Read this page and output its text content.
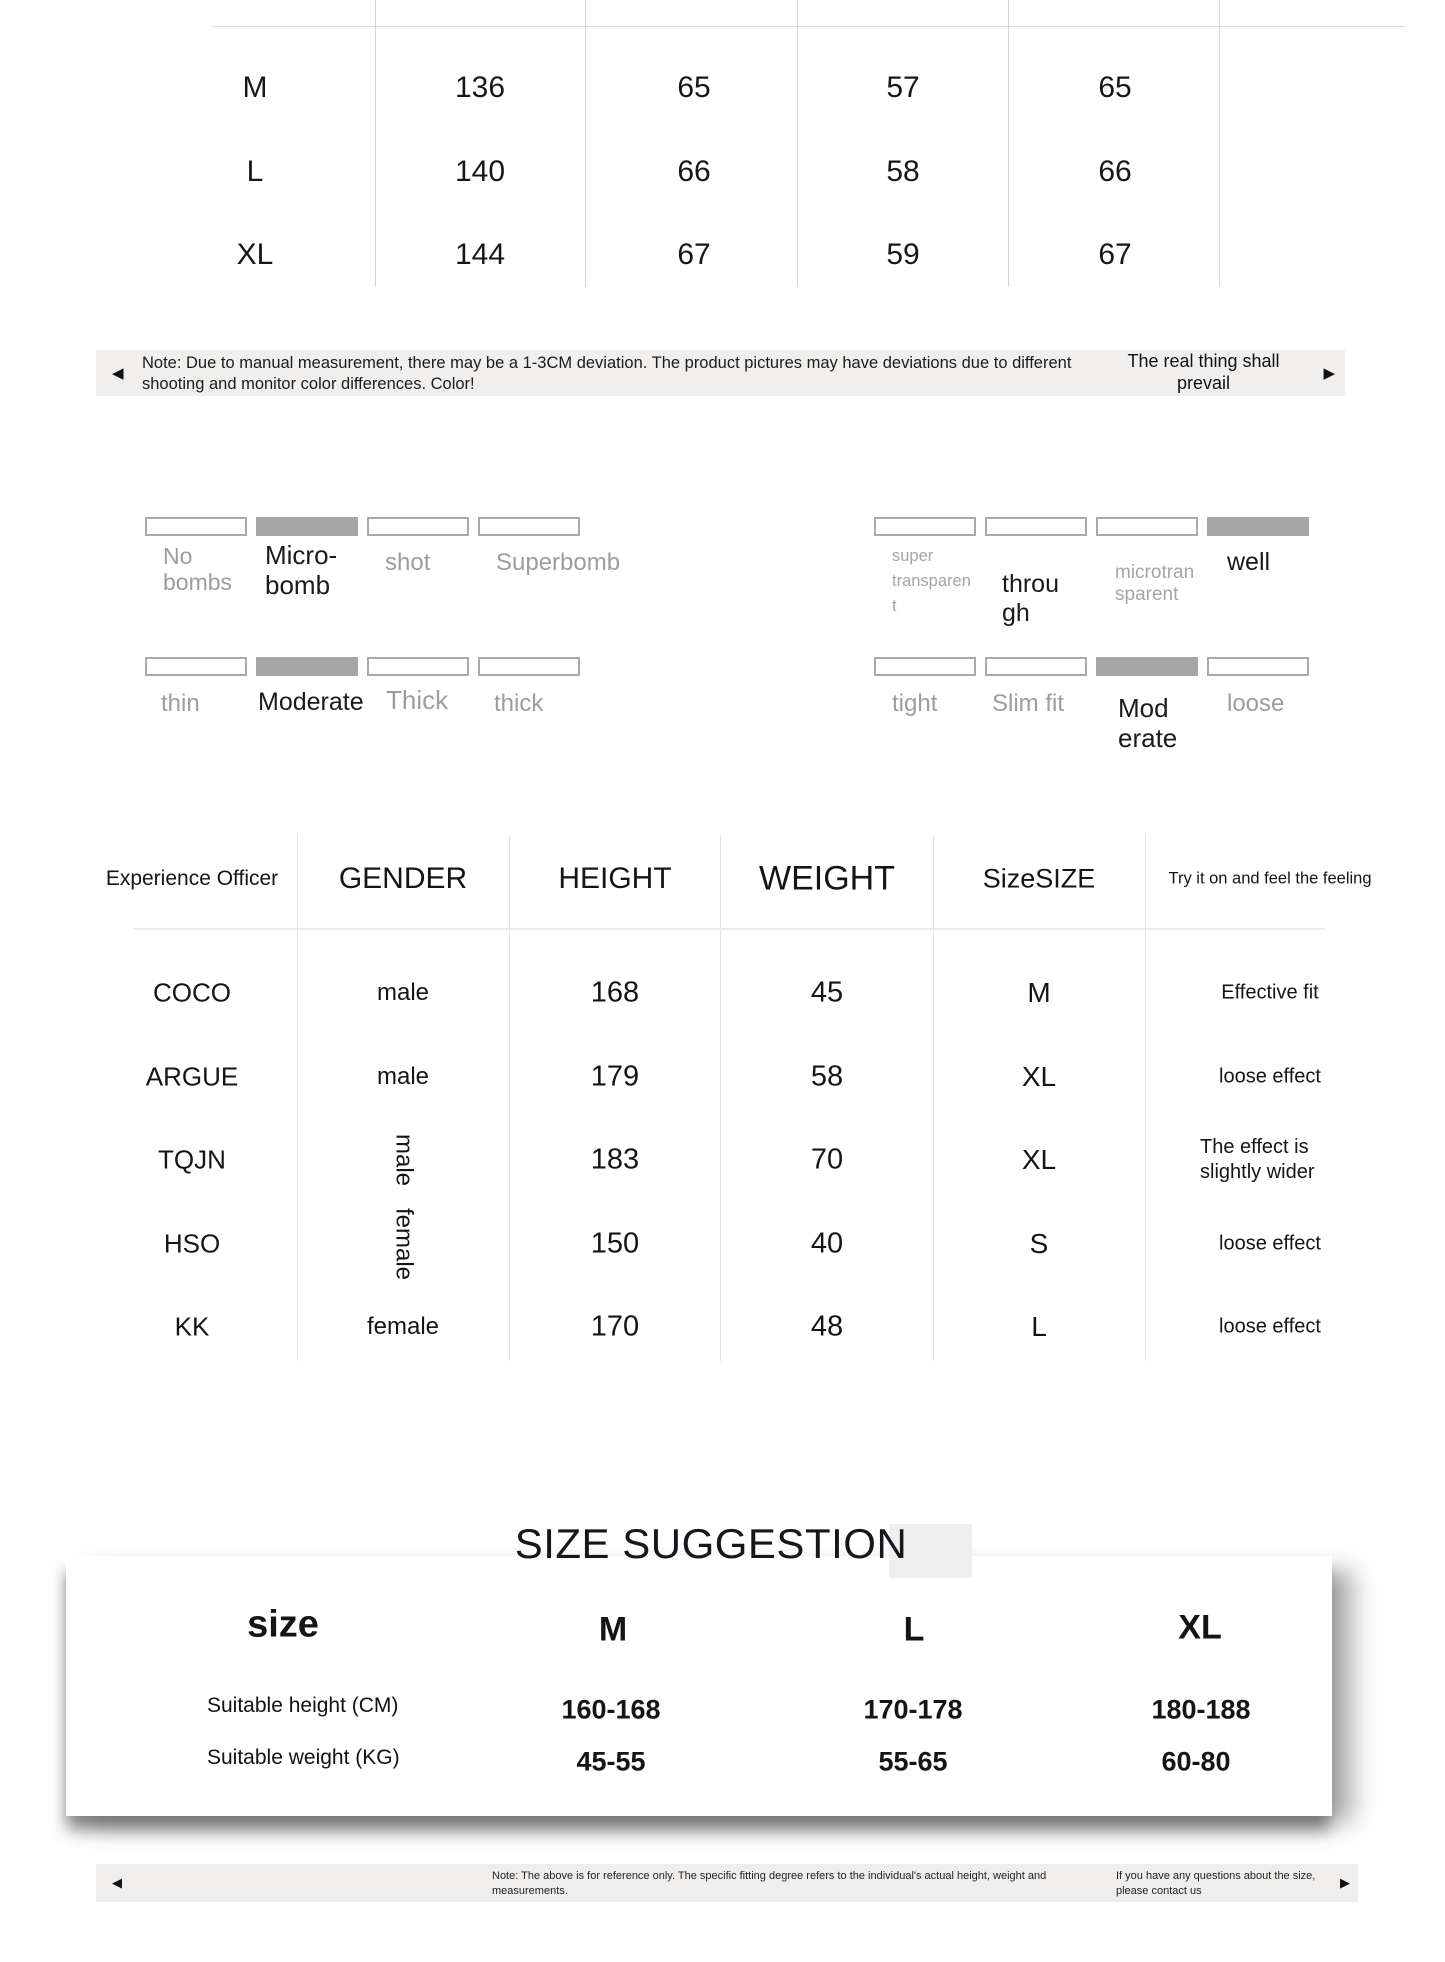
M	136	65	57	65
L	140	66	58	66
XL	144	67	59	67
◀
Note: Due to manual measurement, there may be a 1-3CM deviation. The product pictures may have deviations due to different shooting and monitor color differences. Color!
The real thing shall prevail	▶
No bombs
Micro-bomb
shot	Superbomb	super transparent
through
microtransparent
well
thin	Moderate Thick	thick	tight	Slim fit	Moderate
loose
Experience Officer GENDER	HEIGHT	WEIGHT	SizeSIZE	Try it on and feel the feeling
COCO	male	168	45	M	Effective fit
ARGUE	male	179	58	XL	loose effect
TQJN	male	183	70	XL	The effect is slightly wider
HSO	female	150	40	S	loose effect
KK	female	170	48	L	loose effect
SIZE SUGGESTION
size	M	L	XL
Suitable height (CM)	160-168	170-178	180-188
Suitable weight (KG)	45-55	55-65	60-80
◀	Note: The above is for reference only. The specific fitting degree refers to the individual's actual height, weight and measurements.
If you have any questions about the size, please contact us
▶
